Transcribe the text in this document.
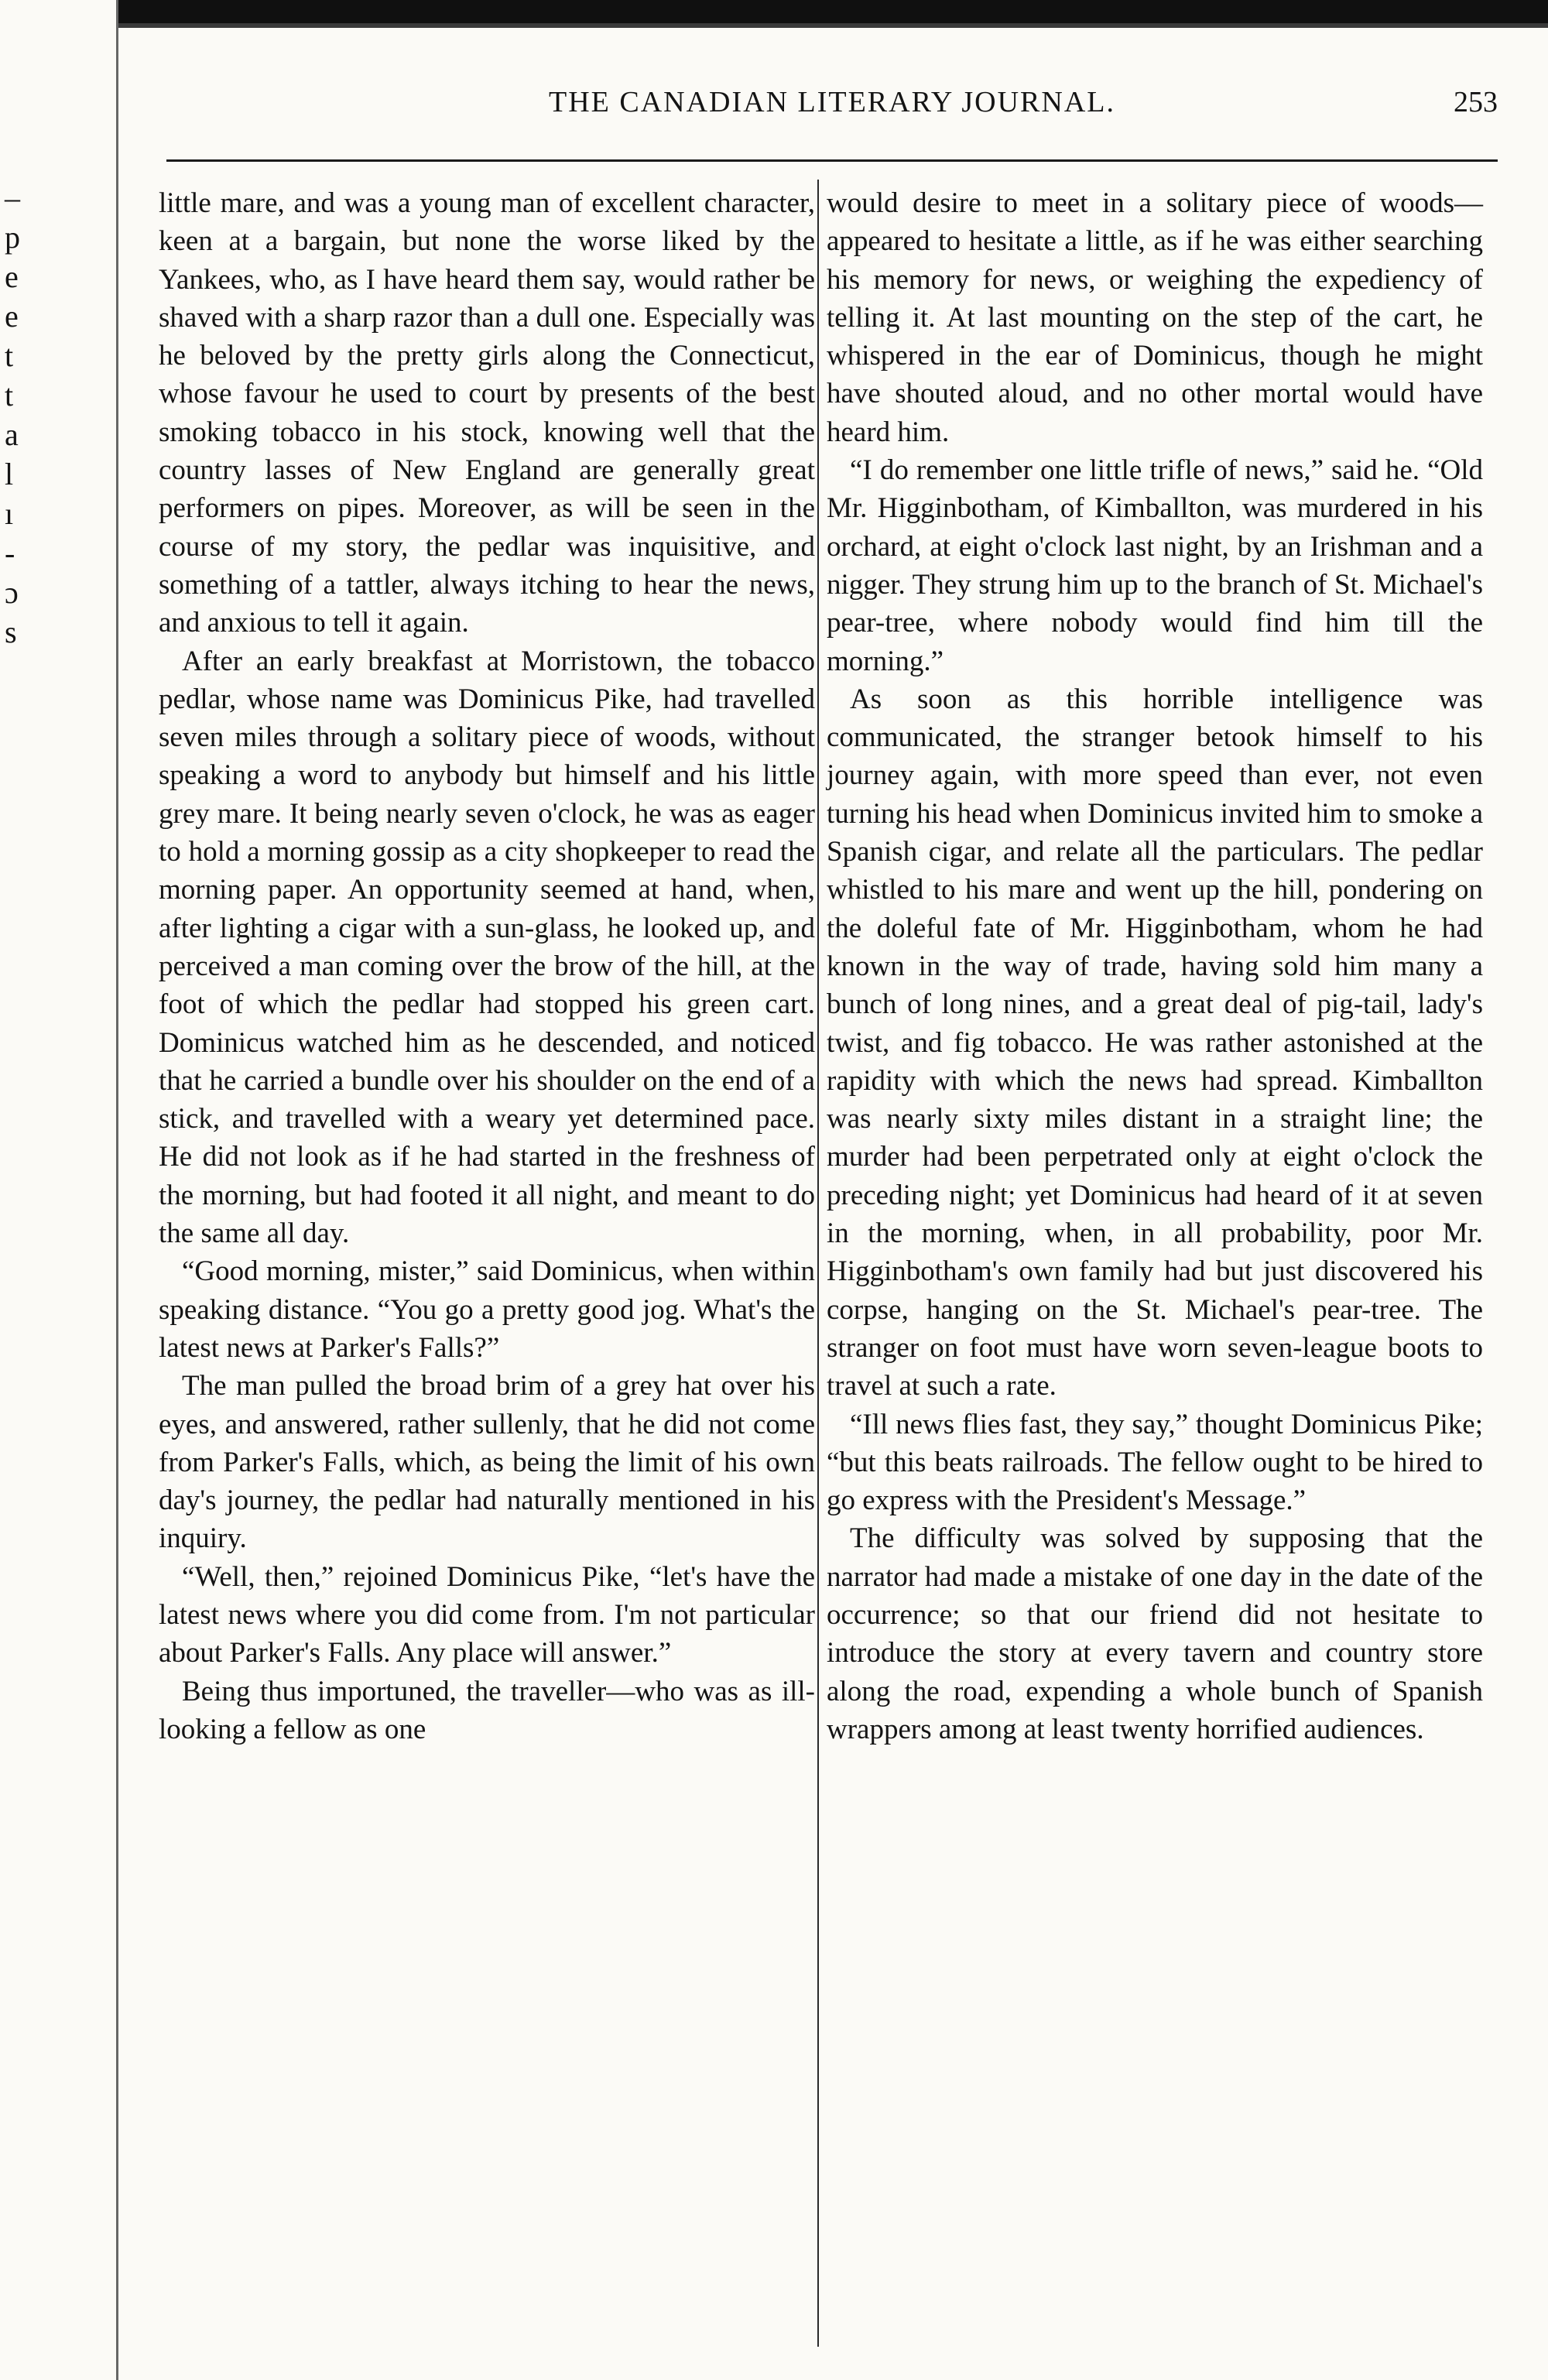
–
p
e
e
t
t
a
l
ı
-
ɔ
s
THE CANADIAN LITERARY JOURNAL.	253

little mare, and was a young man of excellent character, keen at a bargain, but none the worse liked by the Yankees, who, as I have heard them say, would rather be shaved with a sharp razor than a dull one. Especially was he beloved by the pretty girls along the Connecticut, whose favour he used to court by presents of the best smoking tobacco in his stock, knowing well that the country lasses of New England are generally great performers on pipes. Moreover, as will be seen in the course of my story, the pedlar was inquisitive, and something of a tattler, always itching to hear the news, and anxious to tell it again.

After an early breakfast at Morristown, the tobacco pedlar, whose name was Dominicus Pike, had travelled seven miles through a solitary piece of woods, without speaking a word to anybody but himself and his little grey mare. It being nearly seven o'clock, he was as eager to hold a morning gossip as a city shopkeeper to read the morning paper. An opportunity seemed at hand, when, after lighting a cigar with a sun-glass, he looked up, and perceived a man coming over the brow of the hill, at the foot of which the pedlar had stopped his green cart. Dominicus watched him as he descended, and noticed that he carried a bundle over his shoulder on the end of a stick, and travelled with a weary yet determined pace. He did not look as if he had started in the freshness of the morning, but had footed it all night, and meant to do the same all day.

“Good morning, mister,” said Dominicus, when within speaking distance. “You go a pretty good jog. What's the latest news at Parker's Falls?”

The man pulled the broad brim of a grey hat over his eyes, and answered, rather sullenly, that he did not come from Parker's Falls, which, as being the limit of his own day's journey, the pedlar had naturally mentioned in his inquiry.

“Well, then,” rejoined Dominicus Pike, “let's have the latest news where you did come from. I'm not particular about Parker's Falls. Any place will answer.”

Being thus importuned, the traveller—who was as ill-looking a fellow as one

would desire to meet in a solitary piece of woods—appeared to hesitate a little, as if he was either searching his memory for news, or weighing the expediency of telling it. At last mounting on the step of the cart, he whispered in the ear of Dominicus, though he might have shouted aloud, and no other mortal would have heard him.

“I do remember one little trifle of news,” said he. “Old Mr. Higginbotham, of Kimballton, was murdered in his orchard, at eight o'clock last night, by an Irishman and a nigger. They strung him up to the branch of St. Michael's pear-tree, where nobody would find him till the morning.”

As soon as this horrible intelligence was communicated, the stranger betook himself to his journey again, with more speed than ever, not even turning his head when Dominicus invited him to smoke a Spanish cigar, and relate all the particulars. The pedlar whistled to his mare and went up the hill, pondering on the doleful fate of Mr. Higginbotham, whom he had known in the way of trade, having sold him many a bunch of long nines, and a great deal of pig-tail, lady's twist, and fig tobacco. He was rather astonished at the rapidity with which the news had spread. Kimballton was nearly sixty miles distant in a straight line; the murder had been perpetrated only at eight o'clock the preceding night; yet Dominicus had heard of it at seven in the morning, when, in all probability, poor Mr. Higginbotham's own family had but just discovered his corpse, hanging on the St. Michael's pear-tree. The stranger on foot must have worn seven-league boots to travel at such a rate.

“Ill news flies fast, they say,” thought Dominicus Pike; “but this beats railroads. The fellow ought to be hired to go express with the President's Message.”

The difficulty was solved by supposing that the narrator had made a mistake of one day in the date of the occurrence; so that our friend did not hesitate to introduce the story at every tavern and country store along the road, expending a whole bunch of Spanish wrappers among at least twenty horrified audiences.
